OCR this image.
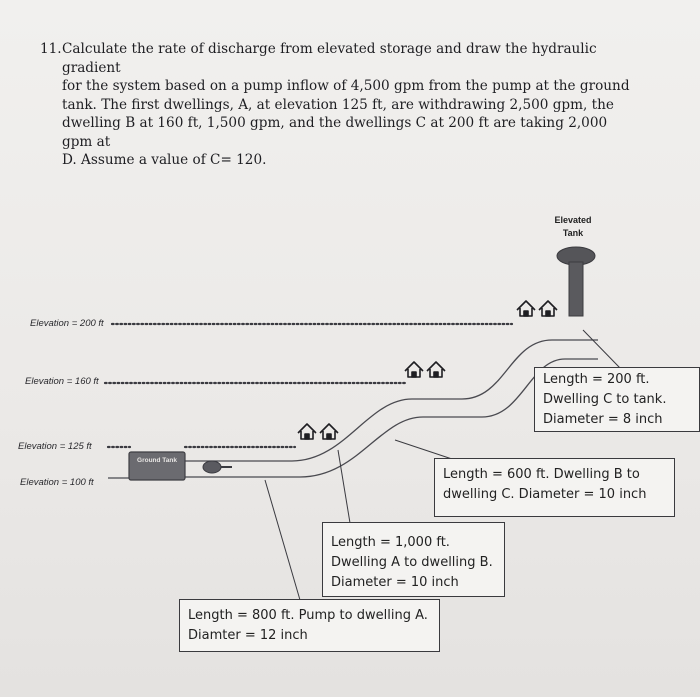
11. Calculate the rate of discharge from elevated storage and draw the hydraulic gradient
for the system based on a pump inflow of 4,500 gpm from the pump at the ground
tank. The first dwellings, A, at elevation 125 ft, are withdrawing 2,500 gpm, the
dwelling B at 160 ft, 1,500 gpm, and the dwellings C at 200 ft are taking 2,000 gpm at
D. Assume a value of C= 120.
Elevation = 200 ft
Elevation = 160 ft
Elevation = 125 ft
Elevation = 100 ft
Elevated
Tank
Ground Tank
Length = 200 ft.
Dwelling C to tank.
Diameter = 8 inch
Length = 600 ft. Dwelling B to
dwelling C. Diameter = 10 inch
Length = 1,000 ft.
Dwelling A to dwelling B.
Diameter = 10 inch
Length = 800 ft. Pump to dwelling A.
Diamter = 12 inch
